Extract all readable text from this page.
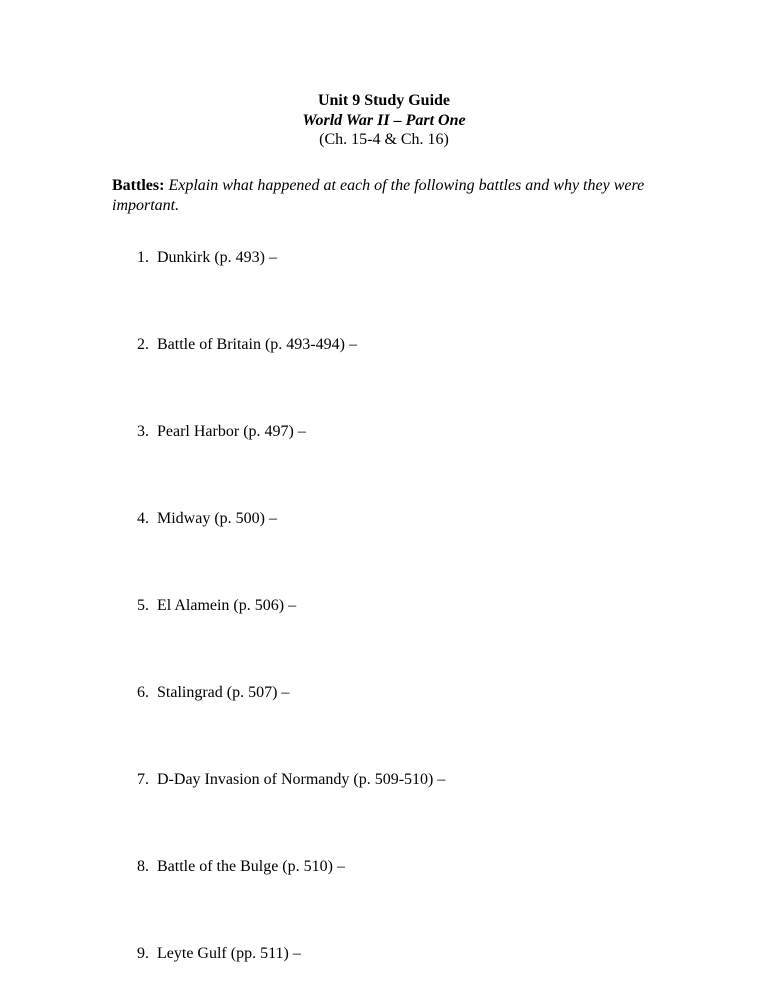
Unit 9 Study Guide
World War II – Part One
(Ch. 15-4 & Ch. 16)
Battles: Explain what happened at each of the following battles and why they were important.
1. Dunkirk (p. 493) –
2. Battle of Britain (p. 493-494) –
3. Pearl Harbor (p. 497) –
4. Midway (p. 500) –
5. El Alamein (p. 506) –
6. Stalingrad (p. 507) –
7. D-Day Invasion of Normandy (p. 509-510) –
8. Battle of the Bulge (p. 510) –
9. Leyte Gulf (pp. 511) –
